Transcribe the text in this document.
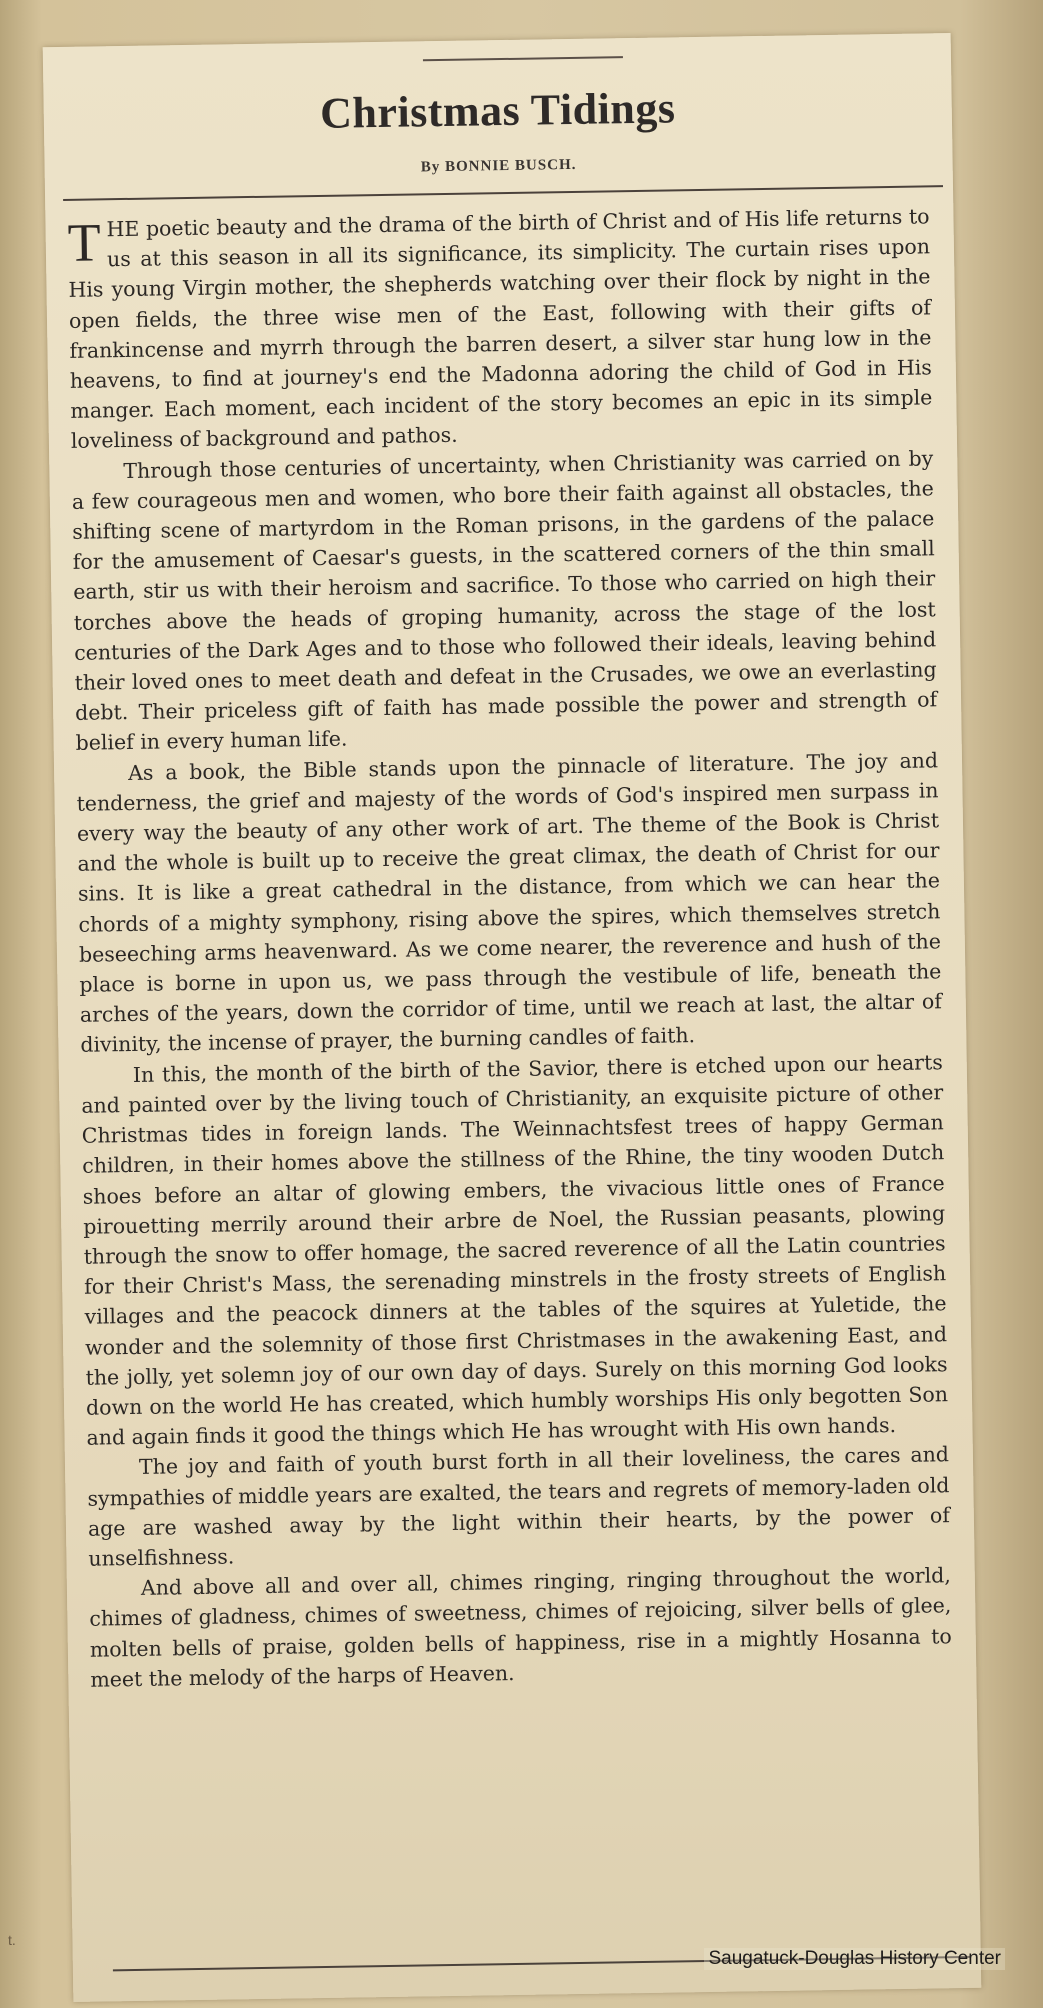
Christmas Tidings
By BONNIE BUSCH.

THE poetic beauty and the drama of the birth of Christ and of His life returns to us at this season in all its significance, its simplicity. The curtain rises upon His young Virgin mother, the shepherds watching over their flock by night in the open fields, the three wise men of the East, following with their gifts of frankincense and myrrh through the barren desert, a silver star hung low in the heavens, to find at journey's end the Madonna adoring the child of God in His manger. Each moment, each incident of the story becomes an epic in its simple loveliness of background and pathos.

Through those centuries of uncertainty, when Christianity was carried on by a few courageous men and women, who bore their faith against all obstacles, the shifting scene of martyrdom in the Roman prisons, in the gardens of the palace for the amusement of Caesar's guests, in the scattered corners of the thin small earth, stir us with their heroism and sacrifice. To those who carried on high their torches above the heads of groping humanity, across the stage of the lost centuries of the Dark Ages and to those who followed their ideals, leaving behind their loved ones to meet death and defeat in the Crusades, we owe an everlasting debt. Their priceless gift of faith has made possible the power and strength of belief in every human life.

As a book, the Bible stands upon the pinnacle of literature. The joy and tenderness, the grief and majesty of the words of God's inspired men surpass in every way the beauty of any other work of art. The theme of the Book is Christ and the whole is built up to receive the great climax, the death of Christ for our sins. It is like a great cathedral in the distance, from which we can hear the chords of a mighty symphony, rising above the spires, which themselves stretch beseeching arms heavenward. As we come nearer, the reverence and hush of the place is borne in upon us, we pass through the vestibule of life, beneath the arches of the years, down the corridor of time, until we reach at last, the altar of divinity, the incense of prayer, the burning candles of faith.

In this, the month of the birth of the Savior, there is etched upon our hearts and painted over by the living touch of Christianity, an exquisite picture of other Christmas tides in foreign lands. The Weinnachtsfest trees of happy German children, in their homes above the stillness of the Rhine, the tiny wooden Dutch shoes before an altar of glowing embers, the vivacious little ones of France pirouetting merrily around their arbre de Noel, the Russian peasants, plowing through the snow to offer homage, the sacred reverence of all the Latin countries for their Christ's Mass, the serenading minstrels in the frosty streets of English villages and the peacock dinners at the tables of the squires at Yuletide, the wonder and the solemnity of those first Christmases in the awakening East, and the jolly, yet solemn joy of our own day of days. Surely on this morning God looks down on the world He has created, which humbly worships His only begotten Son and again finds it good the things which He has wrought with His own hands.

The joy and faith of youth burst forth in all their loveliness, the cares and sympathies of middle years are exalted, the tears and regrets of memory-laden old age are washed away by the light within their hearts, by the power of unselfishness.

And above all and over all, chimes ringing, ringing throughout the world, chimes of gladness, chimes of sweetness, chimes of rejoicing, silver bells of glee, molten bells of praise, golden bells of happiness, rise in a mightly Hosanna to meet the melody of the harps of Heaven.

t.
Saugatuck-Douglas History Center
